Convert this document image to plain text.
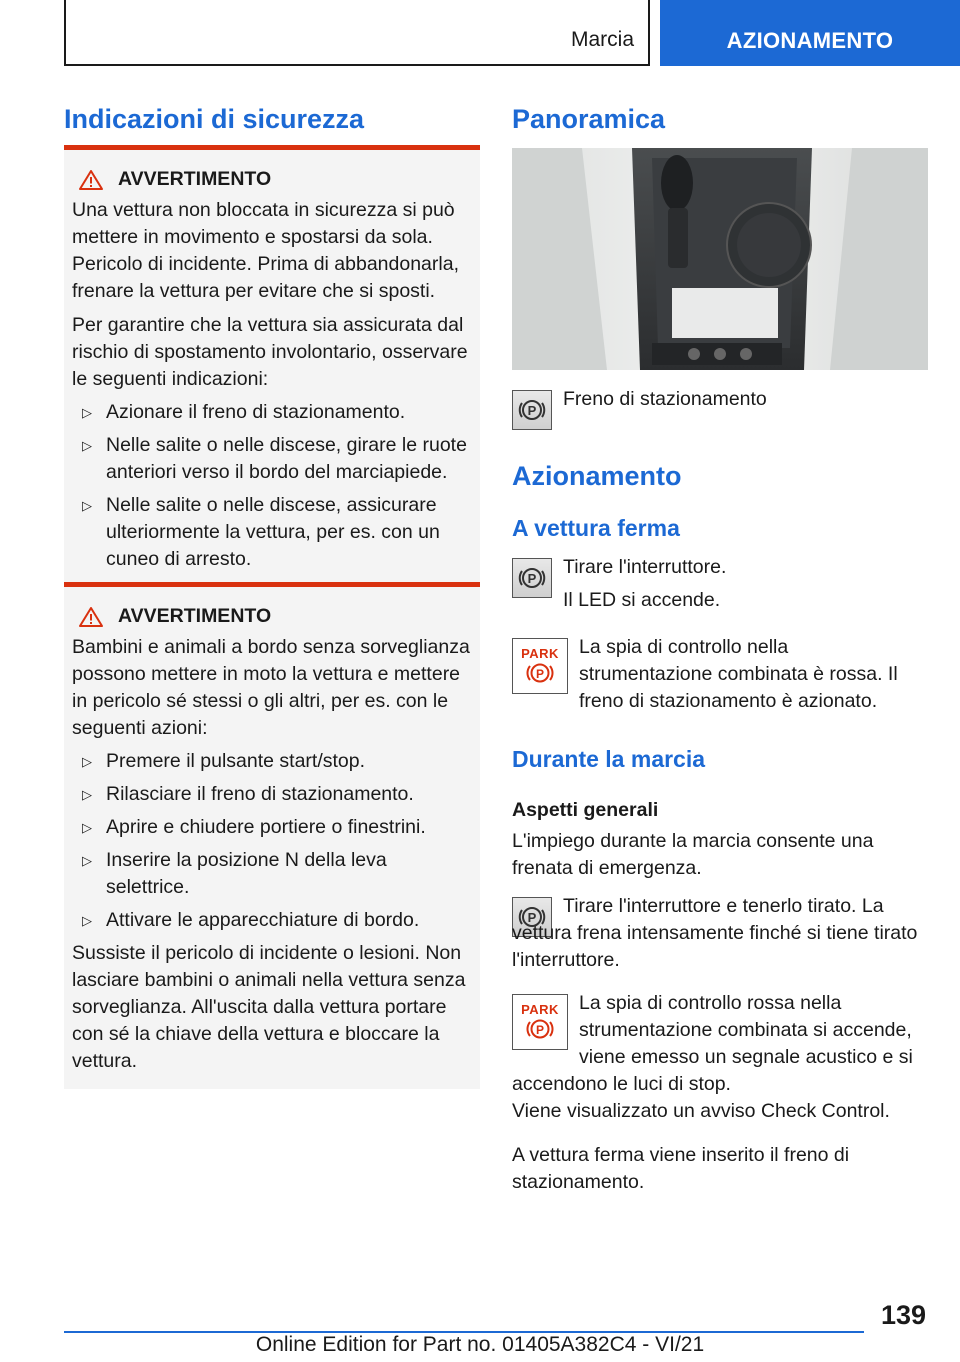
Marcia	AZIONAMENTO
Indicazioni di sicurezza
AVVERTIMENTO
Una vettura non bloccata in sicurezza si può mettere in movimento e spostarsi da sola. Pericolo di incidente. Prima di abbandonarla, frenare la vettura per evitare che si sposti.
Per garantire che la vettura sia assicurata dal rischio di spostamento involontario, osservare le seguenti indicazioni:
▷ Azionare il freno di stazionamento.
▷ Nelle salite o nelle discese, girare le ruote anteriori verso il bordo del marciapiede.
▷ Nelle salite o nelle discese, assicurare ulteriormente la vettura, per es. con un cuneo di arresto.
AVVERTIMENTO
Bambini e animali a bordo senza sorveglianza possono mettere in moto la vettura e mettere in pericolo sé stessi o gli altri, per es. con le seguenti azioni:
▷ Premere il pulsante start/stop.
▷ Rilasciare il freno di stazionamento.
▷ Aprire e chiudere portiere o finestrini.
▷ Inserire la posizione N della leva selettrice.
▷ Attivare le apparecchiature di bordo.
Sussiste il pericolo di incidente o lesioni. Non lasciare bambini o animali nella vettura senza sorveglianza. All'uscita dalla vettura portare con sé la chiave della vettura e bloccare la vettura.
Panoramica
P
Freno di stazionamento
Azionamento
A vettura ferma
P
Tirare l'interruttore.
Il LED si accende.
PARK
P
La spia di controllo nella strumentazione combinata è rossa. Il freno di stazionamento è azionato.
Durante la marcia
Aspetti generali
L'impiego durante la marcia consente una frenata di emergenza.
P
Tirare l'interruttore e tenerlo tirato. La vettura frena intensamente finché si tiene tirato l'interruttore.
PARK
P
La spia di controllo rossa nella strumentazione combinata si accende, viene emesso un segnale acustico e si accendono le luci di stop.
Viene visualizzato un avviso Check Control.
A vettura ferma viene inserito il freno di stazionamento.
139
Online Edition for Part no. 01405A382C4 - VI/21
